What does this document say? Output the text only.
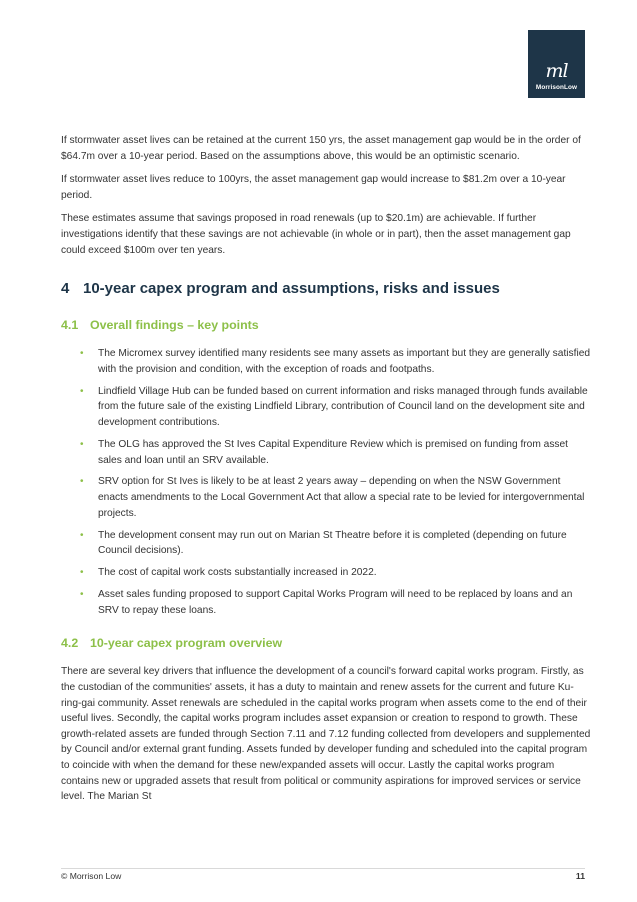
ml
MorrisonLow

If stormwater asset lives can be retained at the current 150 yrs, the asset management gap would be in the order of $64.7m over a 10-year period. Based on the assumptions above, this would be an optimistic scenario.

If stormwater asset lives reduce to 100yrs, the asset management gap would increase to $81.2m over a 10-year period.

These estimates assume that savings proposed in road renewals (up to $20.1m) are achievable. If further investigations identify that these savings are not achievable (in whole or in part), then the asset management gap could exceed $100m over ten years.

4 10-year capex program and assumptions, risks and issues
4.1 Overall findings – key points
• The Micromex survey identified many residents see many assets as important but they are generally satisfied with the provision and condition, with the exception of roads and footpaths.
• Lindfield Village Hub can be funded based on current information and risks managed through funds available from the future sale of the existing Lindfield Library, contribution of Council land on the development site and development contributions.
• The OLG has approved the St Ives Capital Expenditure Review which is premised on funding from asset sales and loan until an SRV available.
• SRV option for St Ives is likely to be at least 2 years away – depending on when the NSW Government enacts amendments to the Local Government Act that allow a special rate to be levied for intergovernmental projects.
• The development consent may run out on Marian St Theatre before it is completed (depending on future Council decisions).
• The cost of capital work costs substantially increased in 2022.
• Asset sales funding proposed to support Capital Works Program will need to be replaced by loans and an SRV to repay these loans.
4.2 10-year capex program overview

There are several key drivers that influence the development of a council's forward capital works program. Firstly, as the custodian of the communities' assets, it has a duty to maintain and renew assets for the current and future Ku-ring-gai community. Asset renewals are scheduled in the capital works program when assets come to the end of their useful lives. Secondly, the capital works program includes asset expansion or creation to respond to growth. These growth-related assets are funded through Section 7.11 and 7.12 funding collected from developers and supplemented by Council and/or external grant funding. Assets funded by developer funding and scheduled into the capital program to coincide with when the demand for these new/expanded assets will occur. Lastly the capital works program contains new or upgraded assets that result from political or community aspirations for improved services or service level. The Marian St

© Morrison Low	11
